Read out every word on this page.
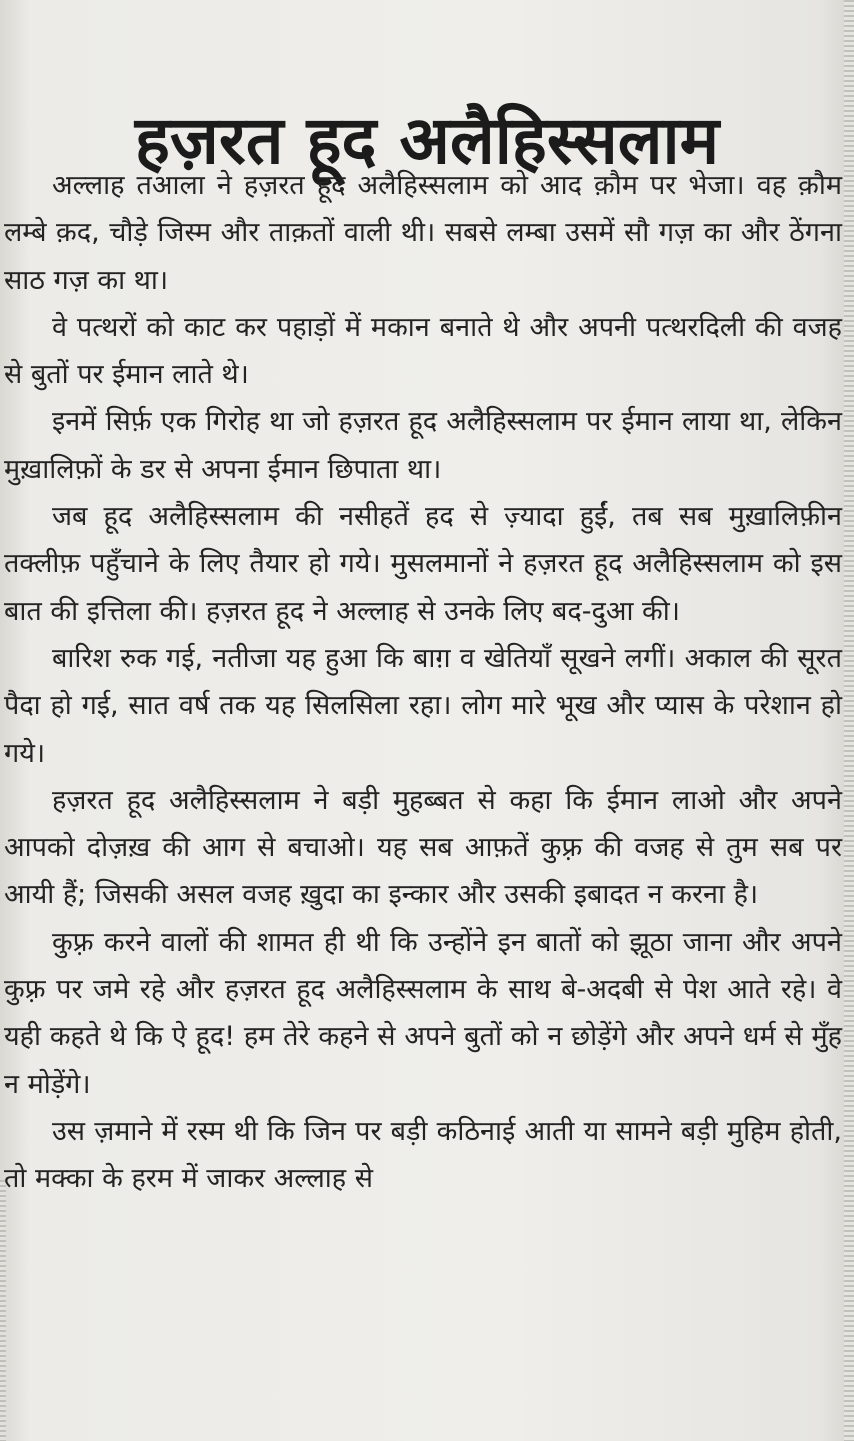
हज़रत हूद अलैहिस्सलाम

अल्लाह तआला ने हज़रत हूद अलैहिस्सलाम को आद क़ौम पर भेजा। वह क़ौम लम्बे क़द, चौड़े जिस्म और ताक़तों वाली थी। सबसे लम्बा उसमें सौ गज़ का और ठेंगना साठ गज़ का था।

वे पत्थरों को काट कर पहाड़ों में मकान बनाते थे और अपनी पत्थरदिली की वजह से बुतों पर ईमान लाते थे।

इनमें सिर्फ़ एक गिरोह था जो हज़रत हूद अलैहिस्सलाम पर ईमान लाया था, लेकिन मुख़ालिफ़ों के डर से अपना ईमान छिपाता था।

जब हूद अलैहिस्सलाम की नसीहतें हद से ज़्यादा हुईं, तब सब मुख़ालिफ़ीन तक्लीफ़ पहुँचाने के लिए तैयार हो गये। मुसलमानों ने हज़रत हूद अलैहिस्सलाम को इस बात की इत्तिला की। हज़रत हूद ने अल्लाह से उनके लिए बद-दुआ की।

बारिश रुक गई, नतीजा यह हुआ कि बाग़ व खेतियाँ सूखने लगीं। अकाल की सूरत पैदा हो गई, सात वर्ष तक यह सिलसिला रहा। लोग मारे भूख और प्यास के परेशान हो गये।

हज़रत हूद अलैहिस्सलाम ने बड़ी मुहब्बत से कहा कि ईमान लाओ और अपने आपको दोज़ख़ की आग से बचाओ। यह सब आफ़तें कुफ़्र की वजह से तुम सब पर आयी हैं; जिसकी असल वजह ख़ुदा का इन्कार और उसकी इबादत न करना है।

कुफ़्र करने वालों की शामत ही थी कि उन्होंने इन बातों को झूठा जाना और अपने कुफ़्र पर जमे रहे और हज़रत हूद अलैहिस्सलाम के साथ बे-अदबी से पेश आते रहे। वे यही कहते थे कि ऐ हूद! हम तेरे कहने से अपने बुतों को न छोड़ेंगे और अपने धर्म से मुँह न मोड़ेंगे।

उस ज़माने में रस्म थी कि जिन पर बड़ी कठिनाई आती या सामने बड़ी मुहिम होती, तो मक्का के हरम में जाकर अल्लाह से
